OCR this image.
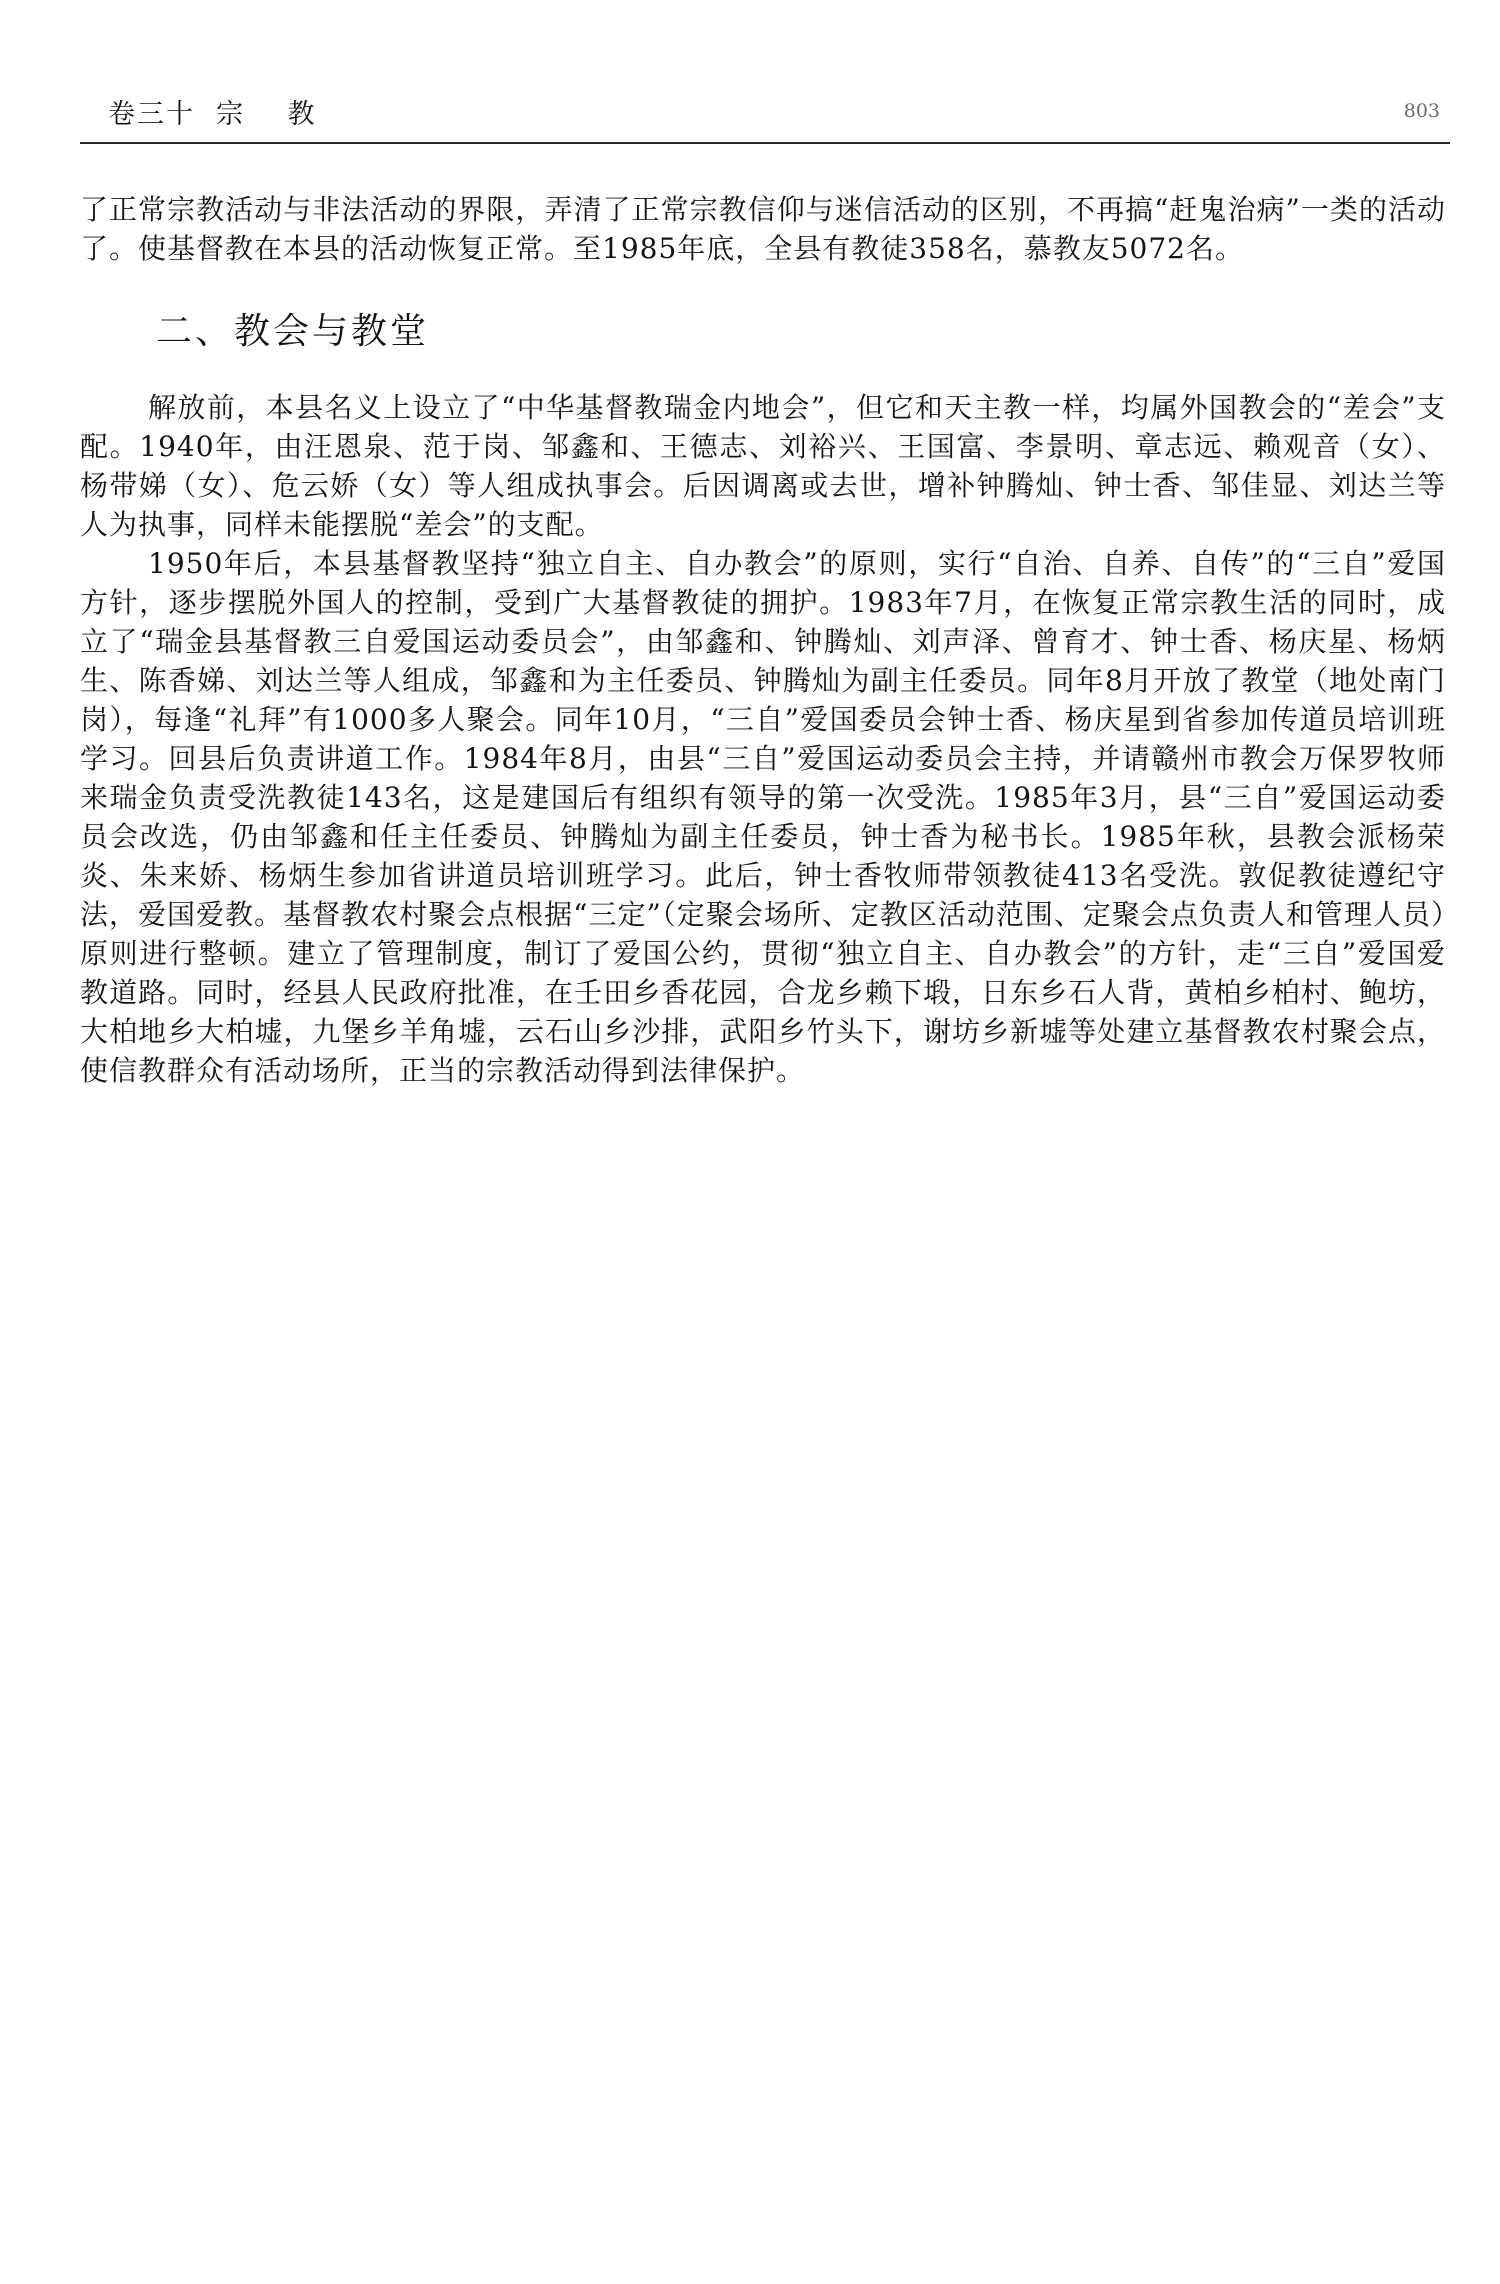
卷三十  宗    教	803

了正常宗教活动与非法活动的界限，弄清了正常宗教信仰与迷信活动的区别，不再搞“赶鬼治病”一类的活动了。使基督教在本县的活动恢复正常。至1985年底，全县有教徒358名，慕教友5072名。

二、教会与教堂

解放前，本县名义上设立了“中华基督教瑞金内地会”，但它和天主教一样，均属外国教会的“差会”支配。1940年，由汪恩泉、范于岗、邹鑫和、王德志、刘裕兴、王国富、李景明、章志远、赖观音（女）、杨带娣（女）、危云娇（女）等人组成执事会。后因调离或去世，增补钟腾灿、钟士香、邹佳显、刘达兰等人为执事，同样未能摆脱“差会”的支配。

1950年后，本县基督教坚持“独立自主、自办教会”的原则，实行“自治、自养、自传”的“三自”爱国方针，逐步摆脱外国人的控制，受到广大基督教徒的拥护。1983年7月，在恢复正常宗教生活的同时，成立了“瑞金县基督教三自爱国运动委员会”，由邹鑫和、钟腾灿、刘声泽、曾育才、钟士香、杨庆星、杨炳生、陈香娣、刘达兰等人组成，邹鑫和为主任委员、钟腾灿为副主任委员。同年8月开放了教堂（地处南门岗），每逢“礼拜”有1000多人聚会。同年10月，“三自”爱国委员会钟士香、杨庆星到省参加传道员培训班学习。回县后负责讲道工作。1984年8月，由县“三自”爱国运动委员会主持，并请赣州市教会万保罗牧师来瑞金负责受洗教徒143名，这是建国后有组织有领导的第一次受洗。1985年3月，县“三自”爱国运动委员会改选，仍由邹鑫和任主任委员、钟腾灿为副主任委员，钟士香为秘书长。1985年秋，县教会派杨荣炎、朱来娇、杨炳生参加省讲道员培训班学习。此后，钟士香牧师带领教徒413名受洗。敦促教徒遵纪守法，爱国爱教。基督教农村聚会点根据“三定”（定聚会场所、定教区活动范围、定聚会点负责人和管理人员）原则进行整顿。建立了管理制度，制订了爱国公约，贯彻“独立自主、自办教会”的方针，走“三自”爱国爱教道路。同时，经县人民政府批准，在壬田乡香花园，合龙乡赖下塅，日东乡石人背，黄柏乡柏村、鲍坊，大柏地乡大柏墟，九堡乡羊角墟，云石山乡沙排，武阳乡竹头下，谢坊乡新墟等处建立基督教农村聚会点，使信教群众有活动场所，正当的宗教活动得到法律保护。
